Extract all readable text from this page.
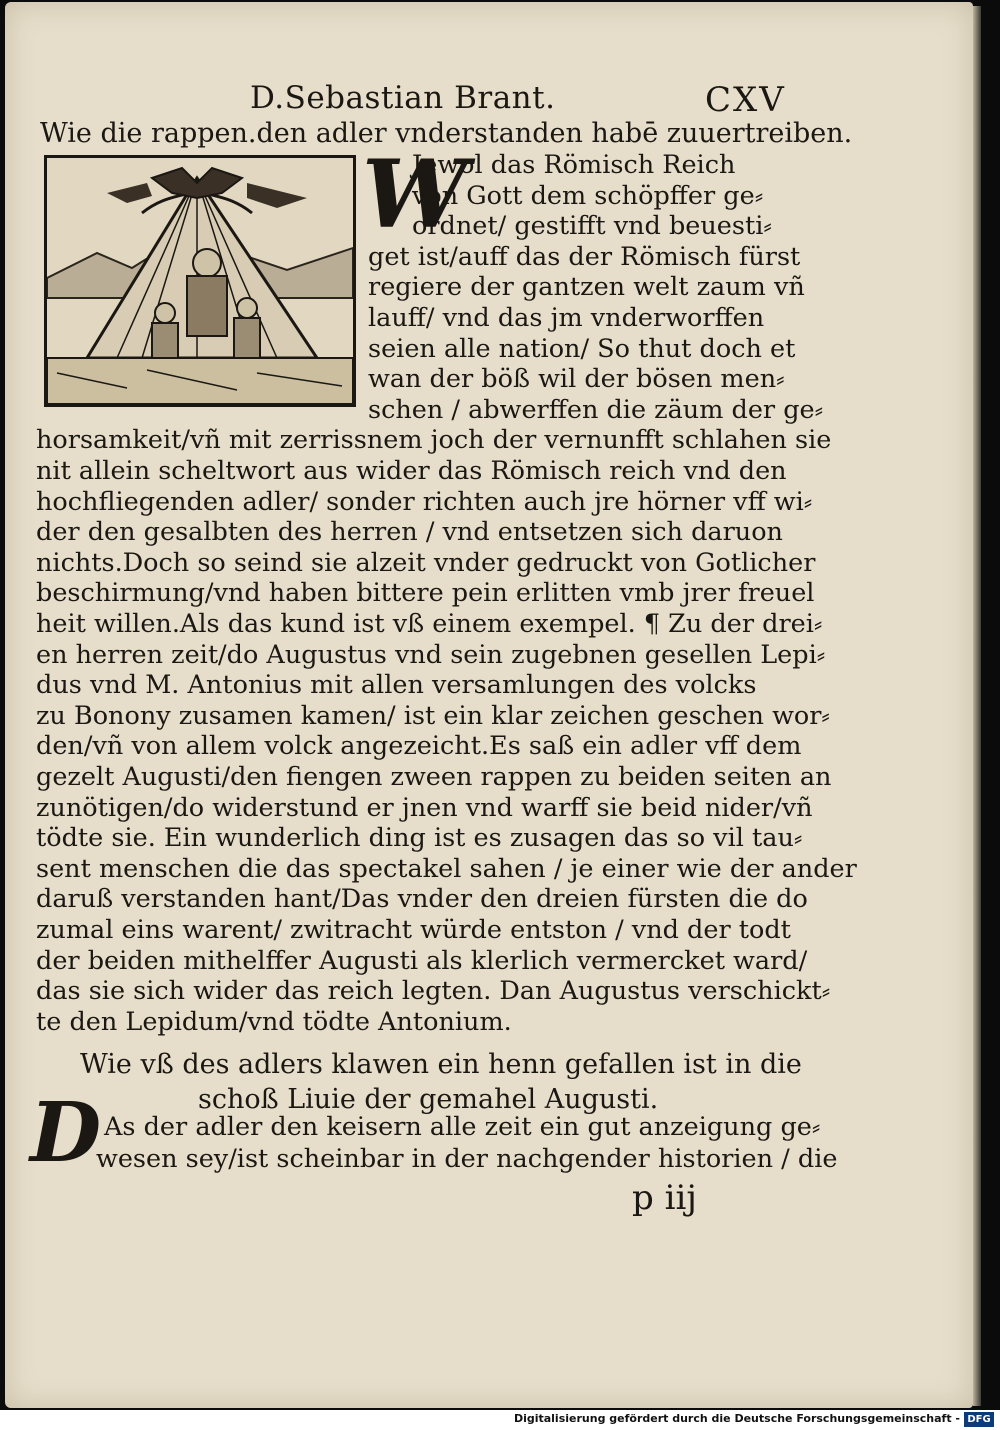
D.Sebastian Brant.	CXV
Wie die rappen.den adler vnderstanden habē zuuertreiben.
W
Jewol das Römisch Reich
von Gott dem schöpffer ge⸗
ordnet/ gestifft vnd beuesti⸗
get ist/auff das der Römisch fürst
regiere der gantzen welt zaum vñ
lauff/ vnd das jm vnderworffen
seien alle nation/ So thut doch et
wan der böß wil der bösen men⸗
schen / abwerffen die zäum der ge⸗
horsamkeit/vñ mit zerrissnem joch der vernunfft schlahen sie
nit allein scheltwort aus wider das Römisch reich vnd den
hochfliegenden adler/ sonder richten auch jre hörner vff wi⸗
der den gesalbten des herren / vnd entsetzen sich daruon
nichts.Doch so seind sie alzeit vnder gedruckt von Gotlicher
beschirmung/vnd haben bittere pein erlitten vmb jrer freuel
heit willen.Als das kund ist vß einem exempel. ¶ Zu der drei⸗
en herren zeit/do Augustus vnd sein zugebnen gesellen Lepi⸗
dus vnd M. Antonius mit allen versamlungen des volcks
zu Bonony zusamen kamen/ ist ein klar zeichen geschen wor⸗
den/vñ von allem volck angezeicht.Es saß ein adler vff dem
gezelt Augusti/den fiengen zween rappen zu beiden seiten an
zunötigen/do widerstund er jnen vnd warff sie beid nider/vñ
tödte sie. Ein wunderlich ding ist es zusagen das so vil tau⸗
sent menschen die das spectakel sahen / je einer wie der ander
daruß verstanden hant/Das vnder den dreien fürsten die do
zumal eins warent/ zwitracht würde entston / vnd der todt
der beiden mithelffer Augusti als klerlich vermercket ward/
das sie sich wider das reich legten. Dan Augustus verschickt⸗
te den Lepidum/vnd tödte Antonium.
Wie vß des adlers klawen ein henn gefallen ist in die
schoß Liuie der gemahel Augusti.
D As der adler den keisern alle zeit ein gut anzeigung ge⸗
wesen sey/ist scheinbar in der nachgender historien / die
p iij
Digitalisierung gefördert durch die Deutsche Forschungsgemeinschaft - DFG
